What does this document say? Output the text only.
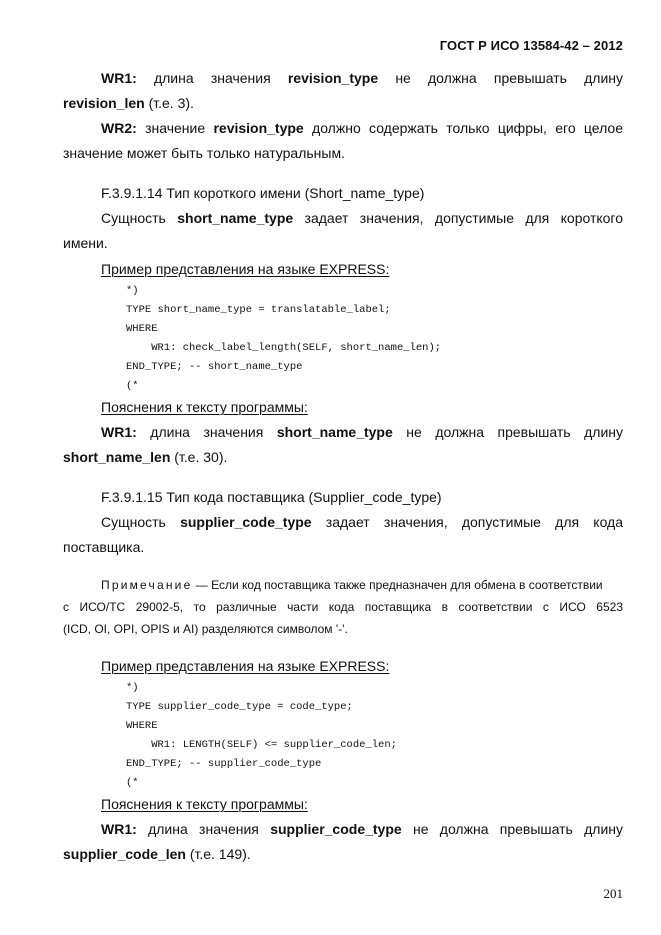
ГОСТ Р ИСО 13584-42 – 2012
WR1: длина значения revision_type не должна превышать длину
revision_len (т.е. 3).
WR2: значение revision_type должно содержать только цифры, его целое
значение может быть только натуральным.
F.3.9.1.14 Тип короткого имени (Short_name_type)
Сущность short_name_type задает значения, допустимые для короткого
имени.
Пример представления на языке EXPRESS:
*)
TYPE short_name_type = translatable_label;
WHERE
WR1: check_label_length(SELF, short_name_len);
END_TYPE; -- short_name_type
(*
Пояснения к тексту программы:
WR1: длина значения short_name_type не должна превышать длину
short_name_len (т.е. 30).
F.3.9.1.15 Тип кода поставщика (Supplier_code_type)
Сущность supplier_code_type задает значения, допустимые для кода
поставщика.
Примечание — Если код поставщика также предназначен для обмена в соответствии
с ИСО/ТС 29002-5, то различные части кода поставщика в соответствии с ИСО 6523
(ICD, OI, OPI, OPIS и AI) разделяются символом '-'.
Пример представления на языке EXPRESS:
*)
TYPE supplier_code_type = code_type;
WHERE
WR1: LENGTH(SELF) <= supplier_code_len;
END_TYPE; -- supplier_code_type
(*
Пояснения к тексту программы:
WR1: длина значения supplier_code_type не должна превышать длину
supplier_code_len (т.е. 149).
201
